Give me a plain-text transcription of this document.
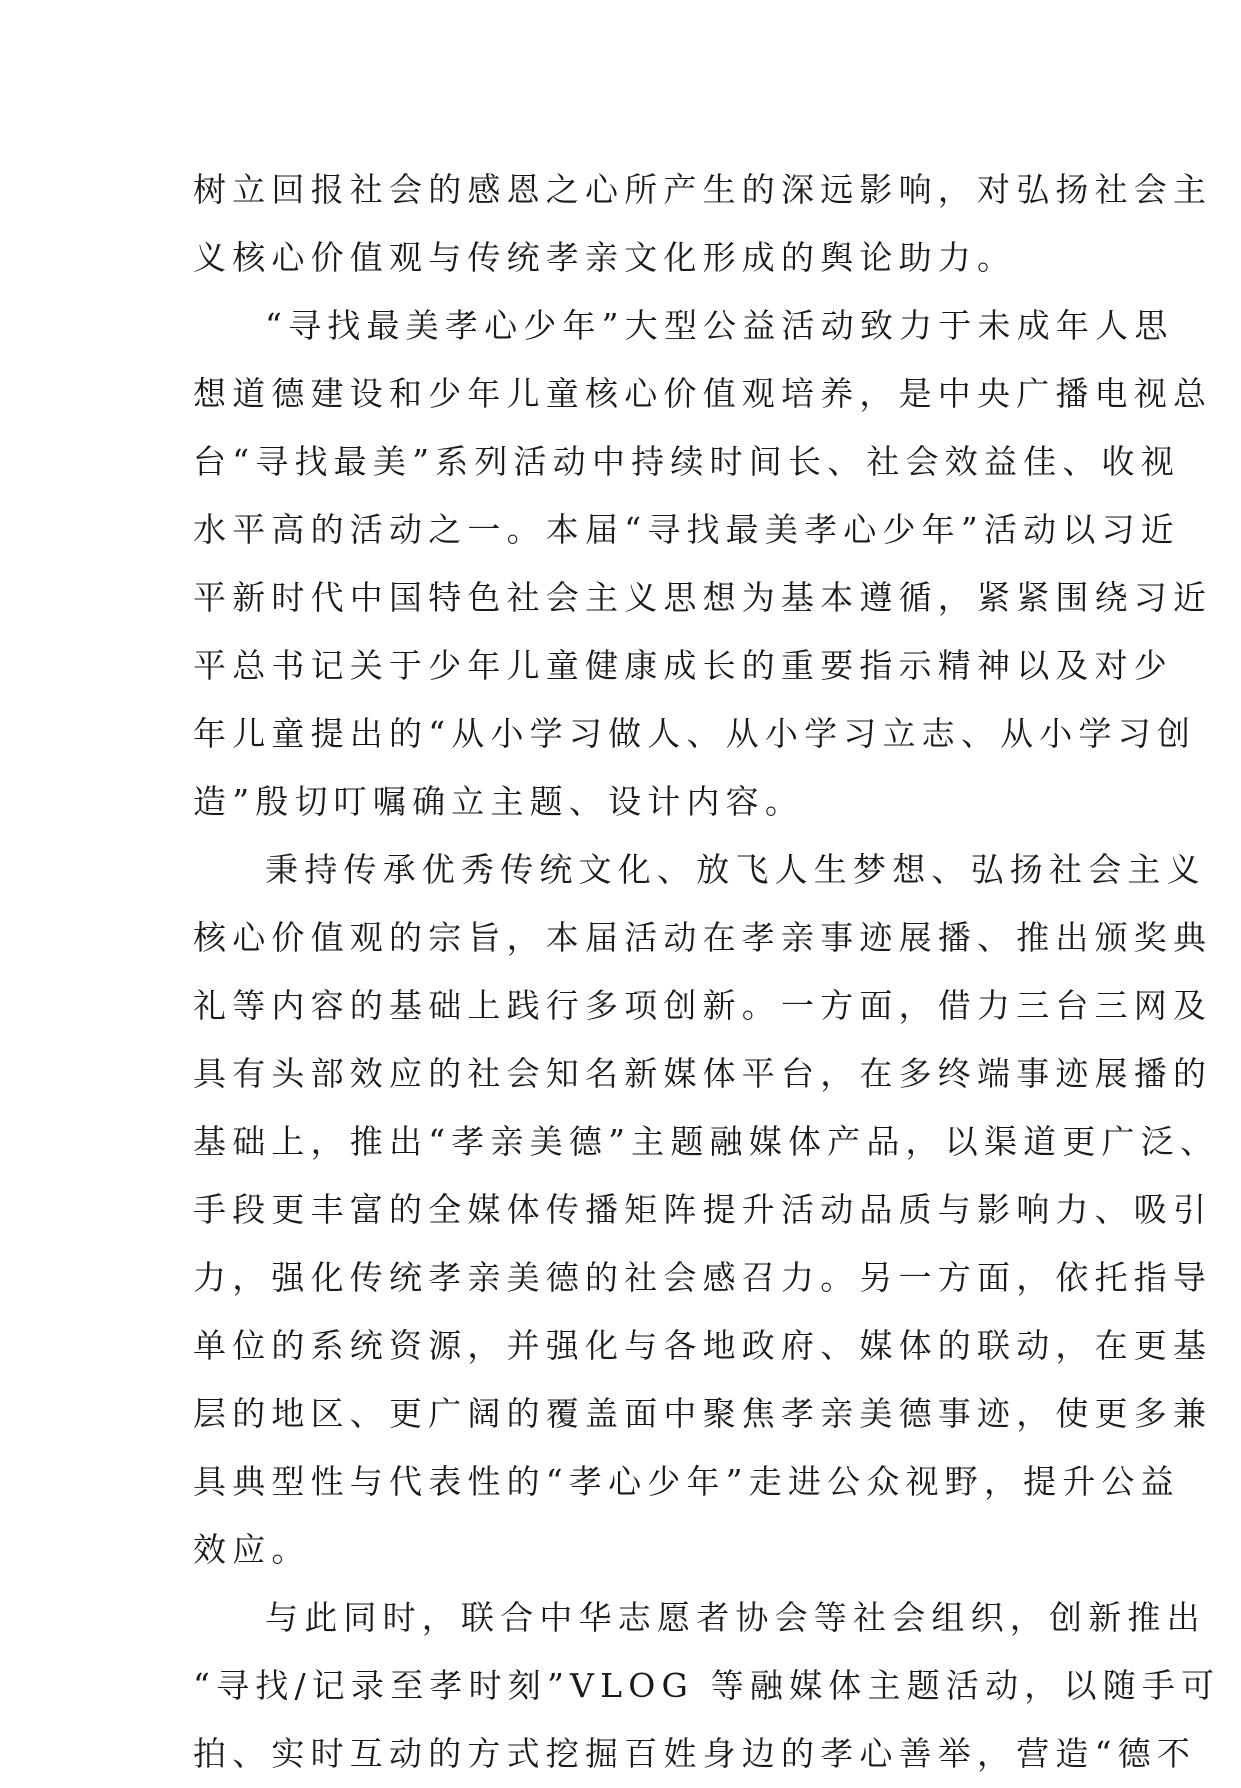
树立回报社会的感恩之心所产生的深远影响，对弘扬社会主
义核心价值观与传统孝亲文化形成的舆论助力。
“寻找最美孝心少年”大型公益活动致力于未成年人思
想道德建设和少年儿童核心价值观培养，是中央广播电视总
台“寻找最美”系列活动中持续时间长、社会效益佳、收视
水平高的活动之一。本届“寻找最美孝心少年”活动以习近
平新时代中国特色社会主义思想为基本遵循，紧紧围绕习近
平总书记关于少年儿童健康成长的重要指示精神以及对少
年儿童提出的“从小学习做人、从小学习立志、从小学习创
造”殷切叮嘱确立主题、设计内容。
秉持传承优秀传统文化、放飞人生梦想、弘扬社会主义
核心价值观的宗旨，本届活动在孝亲事迹展播、推出颁奖典
礼等内容的基础上践行多项创新。一方面，借力三台三网及
具有头部效应的社会知名新媒体平台，在多终端事迹展播的
基础上，推出“孝亲美德”主题融媒体产品，以渠道更广泛、
手段更丰富的全媒体传播矩阵提升活动品质与影响力、吸引
力，强化传统孝亲美德的社会感召力。另一方面，依托指导
单位的系统资源，并强化与各地政府、媒体的联动，在更基
层的地区、更广阔的覆盖面中聚焦孝亲美德事迹，使更多兼
具典型性与代表性的“孝心少年”走进公众视野，提升公益
效应。
与此同时，联合中华志愿者协会等社会组织，创新推出
“寻找/记录至孝时刻”VLOG 等融媒体主题活动，以随手可
拍、实时互动的方式挖掘百姓身边的孝心善举，营造“德不
